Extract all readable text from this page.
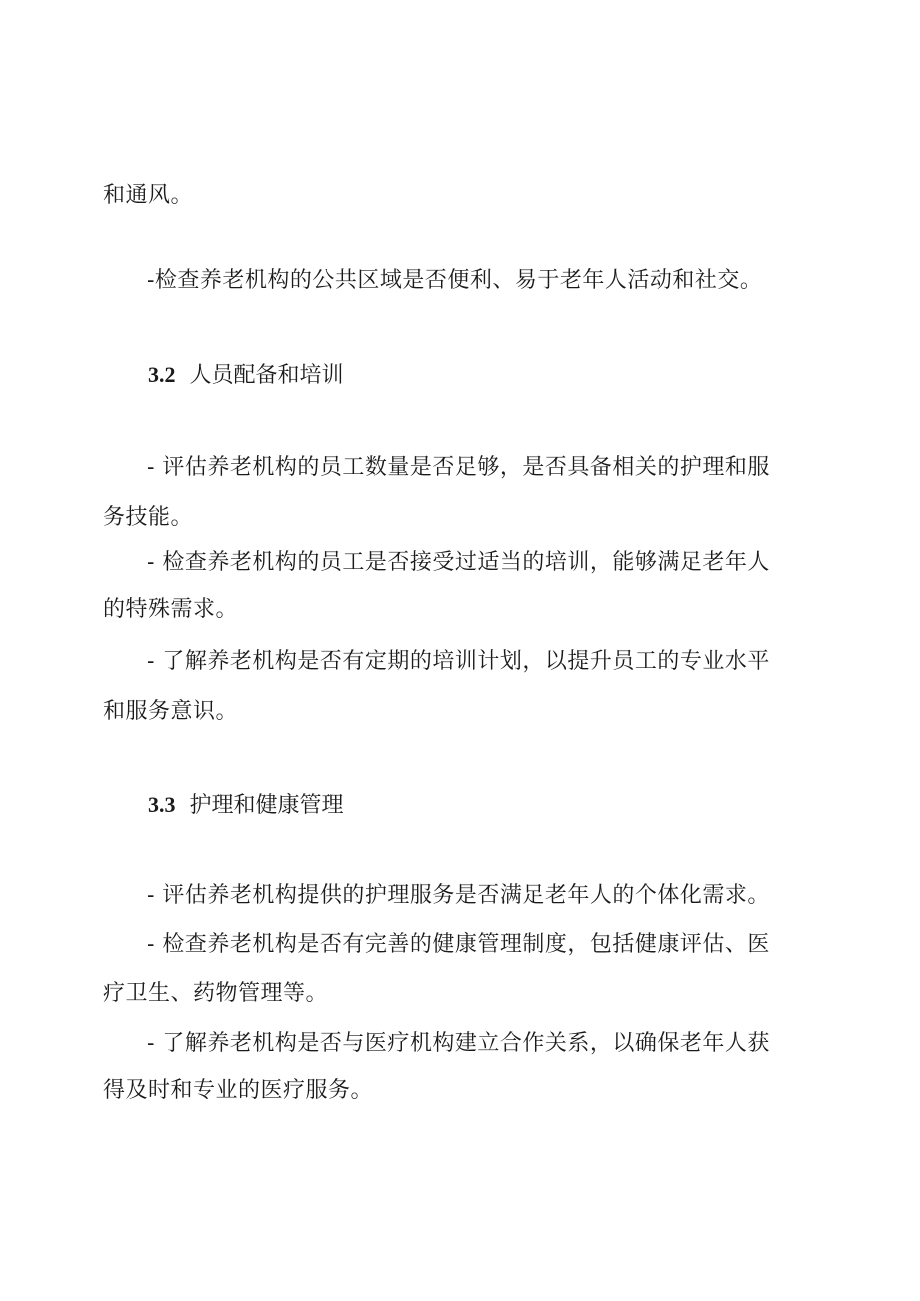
和通风。
-检查养老机构的公共区域是否便利、易于老年人活动和社交。
3.2 人员配备和培训
- 评估养老机构的员工数量是否足够，是否具备相关的护理和服
务技能。
- 检查养老机构的员工是否接受过适当的培训，能够满足老年人
的特殊需求。
- 了解养老机构是否有定期的培训计划，以提升员工的专业水平
和服务意识。
3.3 护理和健康管理
- 评估养老机构提供的护理服务是否满足老年人的个体化需求。
- 检查养老机构是否有完善的健康管理制度，包括健康评估、医
疗卫生、药物管理等。
- 了解养老机构是否与医疗机构建立合作关系，以确保老年人获
得及时和专业的医疗服务。
